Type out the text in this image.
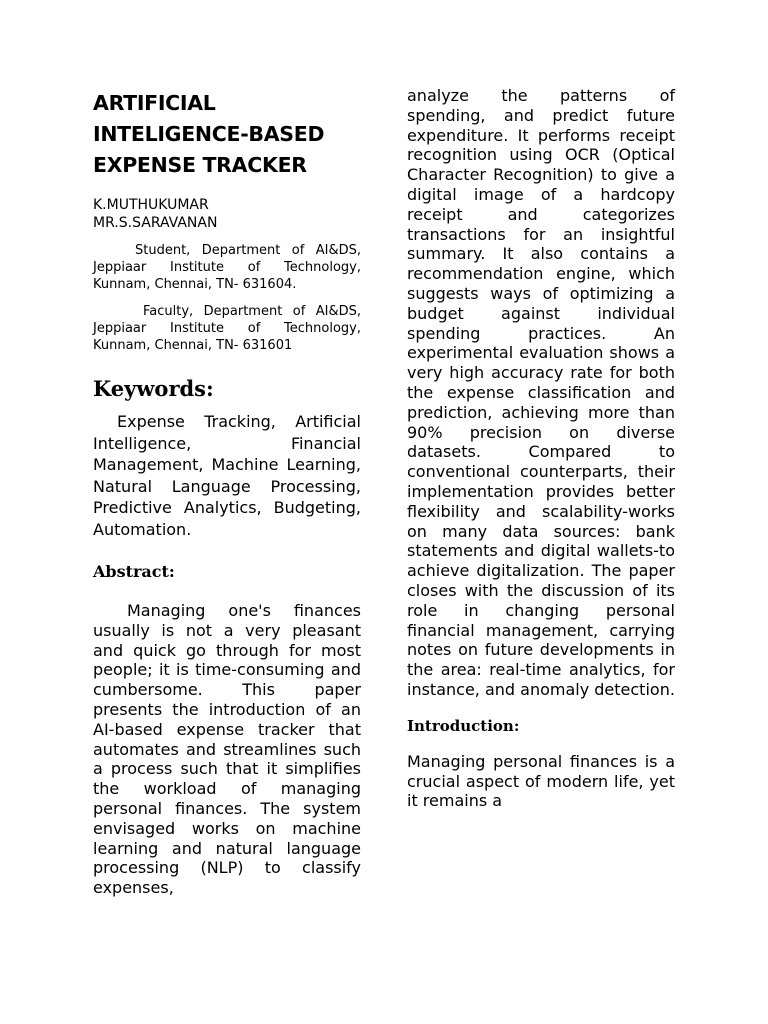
ARTIFICIAL INTELIGENCE-BASED EXPENSE TRACKER
K.MUTHUKUMAR
MR.S.SARAVANAN
Student, Department of AI&DS, Jeppiaar Institute of Technology, Kunnam, Chennai, TN- 631604.
Faculty, Department of AI&DS, Jeppiaar Institute of Technology, Kunnam, Chennai, TN- 631601
Keywords:
Expense Tracking, Artificial Intelligence, Financial Management, Machine Learning, Natural Language Processing, Predictive Analytics, Budgeting, Automation.
Abstract:
Managing one's finances usually is not a very pleasant and quick go through for most people; it is time-consuming and cumbersome. This paper presents the introduction of an AI-based expense tracker that automates and streamlines such a process such that it simplifies the workload of managing personal finances. The system envisaged works on machine learning and natural language processing (NLP) to classify expenses,
analyze the patterns of spending, and predict future expenditure. It performs receipt recognition using OCR (Optical Character Recognition) to give a digital image of a hardcopy receipt and categorizes transactions for an insightful summary. It also contains a recommendation engine, which suggests ways of optimizing a budget against individual spending practices. An experimental evaluation shows a very high accuracy rate for both the expense classification and prediction, achieving more than 90% precision on diverse datasets. Compared to conventional counterparts, their implementation provides better flexibility and scalability-works on many data sources: bank statements and digital wallets-to achieve digitalization. The paper closes with the discussion of its role in changing personal financial management, carrying notes on future developments in the area: real-time analytics, for instance, and anomaly detection.
Introduction:
Managing personal finances is a crucial aspect of modern life, yet it remains a
